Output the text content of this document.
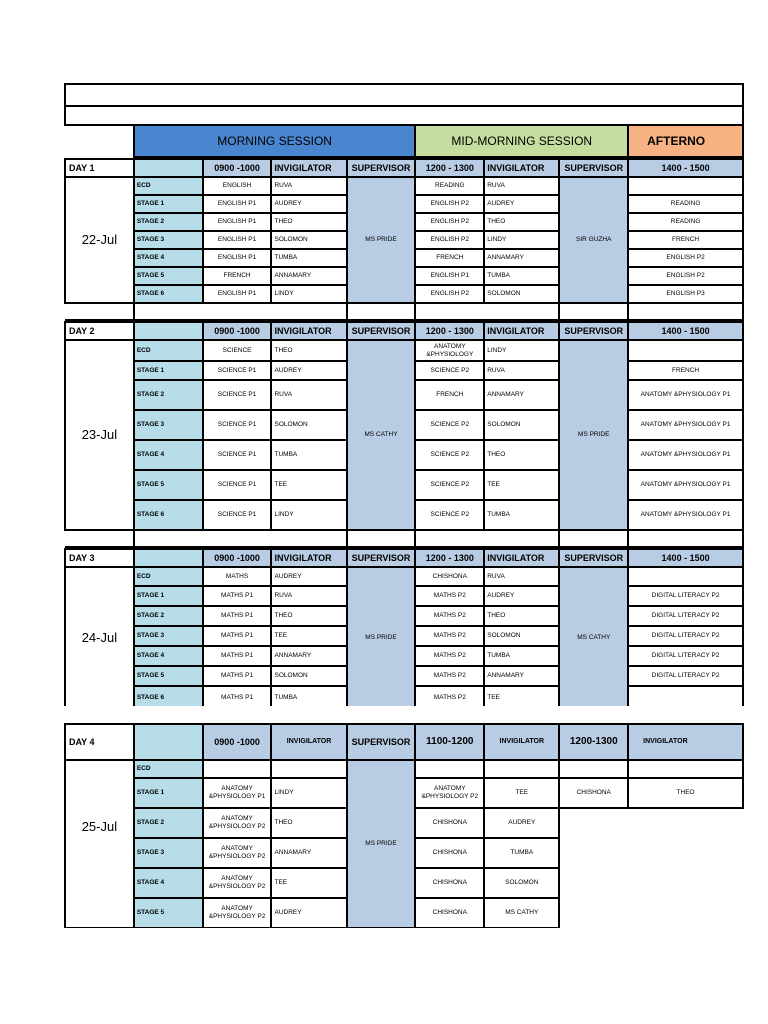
	MORNING SESSION	MID-MORNING SESSION	AFTERNO
DAY 1		0900 -1000	INVIGILATOR	SUPERVISOR	1200 - 1300	INVIGILATOR	SUPERVISOR	1400 - 1500
22-Jul	ECD	ENGLISH	RUVA	MS PRIDE	READING	RUVA	SIR GUZHA	
	STAGE 1	ENGLISH P1	AUDREY		ENGLISH P2	AUDREY		READING
	STAGE 2	ENGLISH P1	THEO		ENGLISH P2	THEO		READING
	STAGE 3	ENGLISH P1	SOLOMON		ENGLISH P2	LINDY		FRENCH
	STAGE 4	ENGLISH P1	TUMBA		FRENCH	ANNAMARY		ENGLISH P2
	STAGE 5	FRENCH	ANNAMARY		ENGLISH P1	TUMBA		ENGLISH P2
	STAGE 6	ENGLISH P1	LINDY		ENGLISH P2	SOLOMON		ENGLISH P3

DAY 2		0900 -1000	INVIGILATOR	SUPERVISOR	1200 - 1300	INVIGILATOR	SUPERVISOR	1400 - 1500
23-Jul	ECD	SCIENCE	THEO	MS CATHY	ANATOMY &PHYSIOLOGY	LINDY	MS PRIDE	
	STAGE 1	SCIENCE P1	AUDREY		SCIENCE P2	RUVA		FRENCH
	STAGE 2	SCIENCE P1	RUVA		FRENCH	ANNAMARY		ANATOMY &PHYSIOLOGY P1
	STAGE 3	SCIENCE P1	SOLOMON		SCIENCE P2	SOLOMON		ANATOMY &PHYSIOLOGY P1
	STAGE 4	SCIENCE P1	TUMBA		SCIENCE P2	THEO		ANATOMY &PHYSIOLOGY P1
	STAGE 5	SCIENCE P1	TEE		SCIENCE P2	TEE		ANATOMY &PHYSIOLOGY P1
	STAGE 6	SCIENCE P1	LINDY		SCIENCE P2	TUMBA		ANATOMY &PHYSIOLOGY P1

DAY 3		0900 -1000	INVIGILATOR	SUPERVISOR	1200 - 1300	INVIGILATOR	SUPERVISOR	1400 - 1500
24-Jul	ECD	MATHS	AUDREY	MS PRIDE	CHISHONA	RUVA	MS CATHY	
	STAGE 1	MATHS P1	RUVA		MATHS P2	AUDREY		DIGITAL LITERACY P2
	STAGE 2	MATHS P1	THEO		MATHS P2	THEO		DIGITAL LITERACY P2
	STAGE 3	MATHS P1	TEE		MATHS P2	SOLOMON		DIGITAL LITERACY P2
	STAGE 4	MATHS P1	ANNAMARY		MATHS P2	TUMBA		DIGITAL LITERACY P2
	STAGE 5	MATHS P1	SOLOMON		MATHS P2	ANNAMARY		DIGITAL LITERACY P2
	STAGE 6	MATHS P1	TUMBA		MATHS P2	TEE		
DAY 4		0900 -1000	INVIGILATOR	SUPERVISOR	1100-1200	INVIGILATOR	1200-1300	INVIGILATOR
25-Jul	ECD			MS PRIDE				
	STAGE 1	ANATOMY &PHYSIOLOGY P1	LINDY		ANATOMY &PHYSIOLOGY P2	TEE	CHISHONA	THEO
	STAGE 2	ANATOMY &PHYSIOLOGY P2	THEO		CHISHONA	AUDREY		
	STAGE 3	ANATOMY &PHYSIOLOGY P2	ANNAMARY		CHISHONA	TUMBA		
	STAGE 4	ANATOMY &PHYSIOLOGY P2	TEE		CHISHONA	SOLOMON		
	STAGE 5	ANATOMY &PHYSIOLOGY P2	AUDREY		CHISHONA	MS CATHY		
